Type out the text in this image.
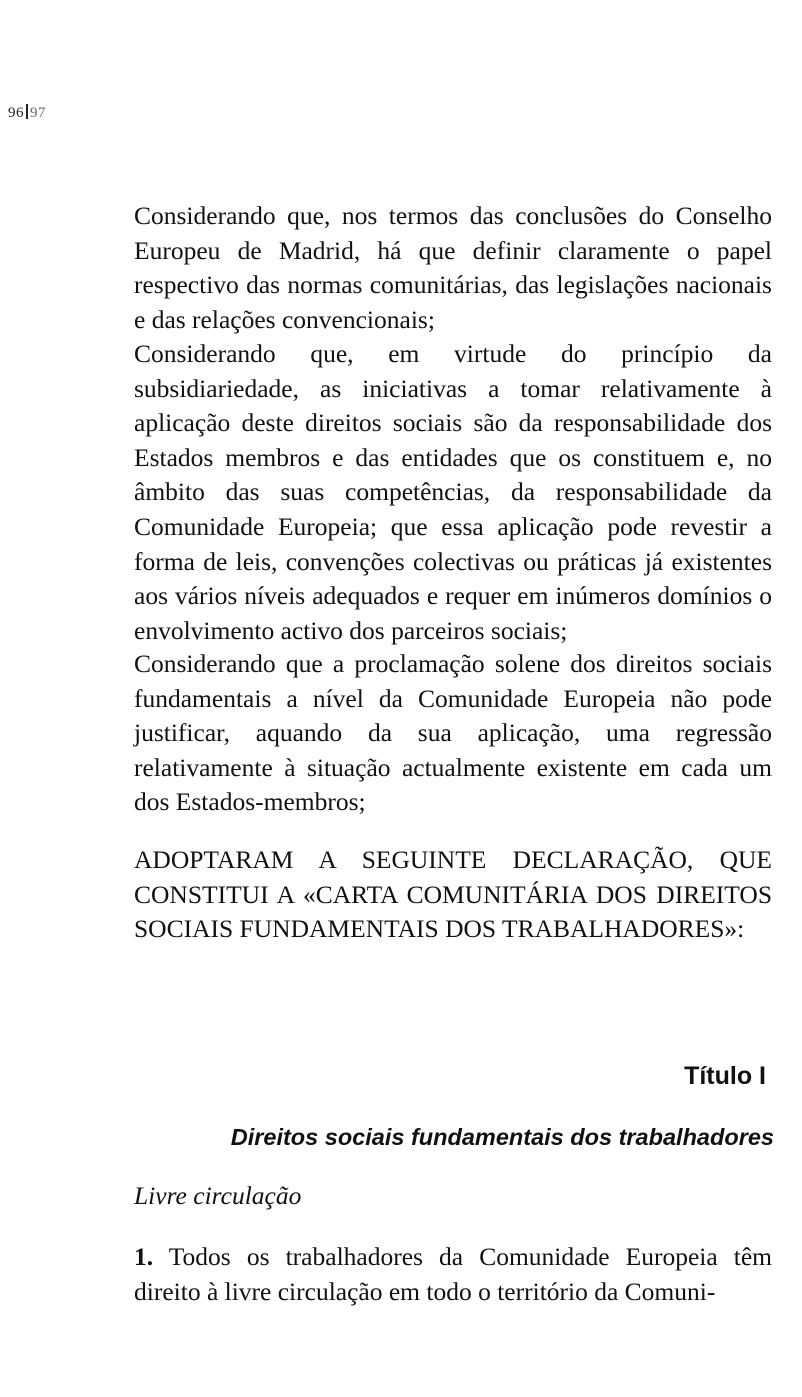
96 97

Considerando que, nos termos das conclusões do Conselho Europeu de Madrid, há que definir claramente o papel respectivo das normas comunitárias, das legislações nacionais e das relações convencionais;

Considerando que, em virtude do princípio da subsidiariedade, as iniciativas a tomar relativamente à aplicação deste direitos sociais são da responsabilidade dos Estados membros e das entidades que os constituem e, no âmbito das suas competências, da responsabilidade da Comunidade Europeia; que essa aplicação pode revestir a forma de leis, convenções colectivas ou práticas já existentes aos vários níveis adequados e requer em inúmeros domínios o envolvimento activo dos parceiros sociais;

Considerando que a proclamação solene dos direitos sociais fundamentais a nível da Comunidade Europeia não pode justificar, aquando da sua aplicação, uma regressão relativamente à situação actualmente existente em cada um dos Estados-membros;

ADOPTARAM A SEGUINTE DECLARAÇÃO, QUE CONSTITUI A «CARTA COMUNITÁRIA DOS DIREITOS SOCIAIS FUNDAMENTAIS DOS TRABALHADORES»:

Título I
Direitos sociais fundamentais dos trabalhadores
Livre circulação

1. Todos os trabalhadores da Comunidade Europeia têm direito à livre circulação em todo o território da Comuni-
